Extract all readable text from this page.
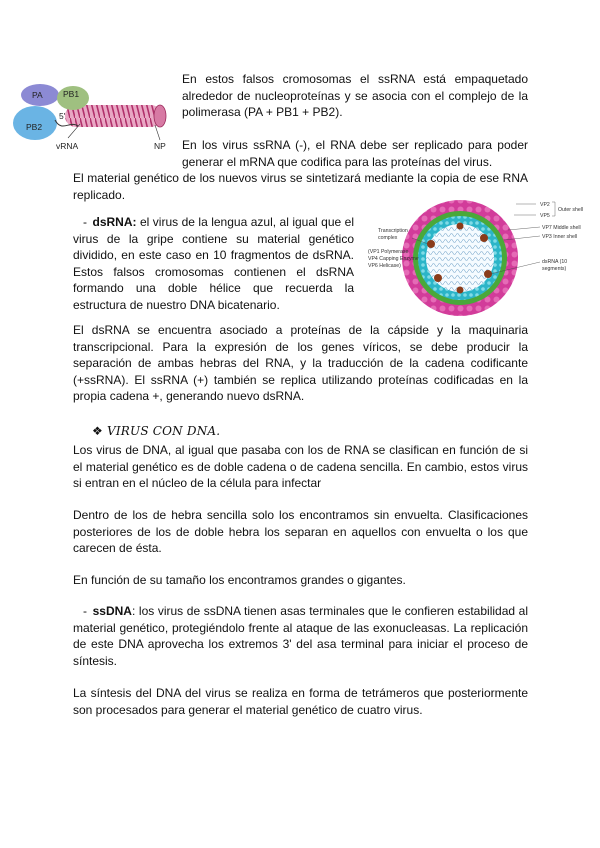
PA PB1
PB2
5'
vRNA	NP

En estos falsos cromosomas el ssRNA está empaquetado alrededor de nucleoproteínas y se asocia con el complejo de la polimerasa (PA + PB1 + PB2).

En los virus ssRNA (-), el RNA debe ser replicado para poder generar el mRNA que codifica para las proteínas del virus.

El material genético de los nuevos virus se sintetizará mediante la copia de ese RNA replicado.

VP2
VP5
Outer shell
VP7 Middle shell
VP3 Inner shell
Transcription
complex
(VP1 Polymerase
VP4 Capping Enzyme
VP6 Helicase)
dsRNA (10
segments)

- dsRNA: el virus de la lengua azul, al igual que el virus de la gripe contiene su material genético dividido, en este caso en 10 fragmentos de dsRNA. Estos falsos cromosomas contienen el dsRNA formando una doble hélice que recuerda la estructura de nuestro DNA bicatenario.

El dsRNA se encuentra asociado a proteínas de la cápside y la maquinaria transcripcional. Para la expresión de los genes víricos, se debe producir la separación de ambas hebras del RNA, y la traducción de la cadena codificante (+ssRNA). El ssRNA (+) también se replica utilizando proteínas codificadas en la propia cadena +, generando nuevo dsRNA.

❖ VIRUS CON DNA.

Los virus de DNA, al igual que pasaba con los de RNA se clasifican en función de si el material genético es de doble cadena o de cadena sencilla. En cambio, estos virus si entran en el núcleo de la célula para infectar

Dentro de los de hebra sencilla solo los encontramos sin envuelta. Clasificaciones posteriores de los de doble hebra los separan en aquellos con envuelta o los que carecen de ésta.

En función de su tamaño los encontramos grandes o gigantes.

- ssDNA: los virus de ssDNA tienen asas terminales que le confieren estabilidad al material genético, protegiéndolo frente al ataque de las exonucleasas. La replicación de este DNA aprovecha los extremos 3' del asa terminal para iniciar el proceso de síntesis.

La síntesis del DNA del virus se realiza en forma de tetrámeros que posteriormente son procesados para generar el material genético de cuatro virus.
